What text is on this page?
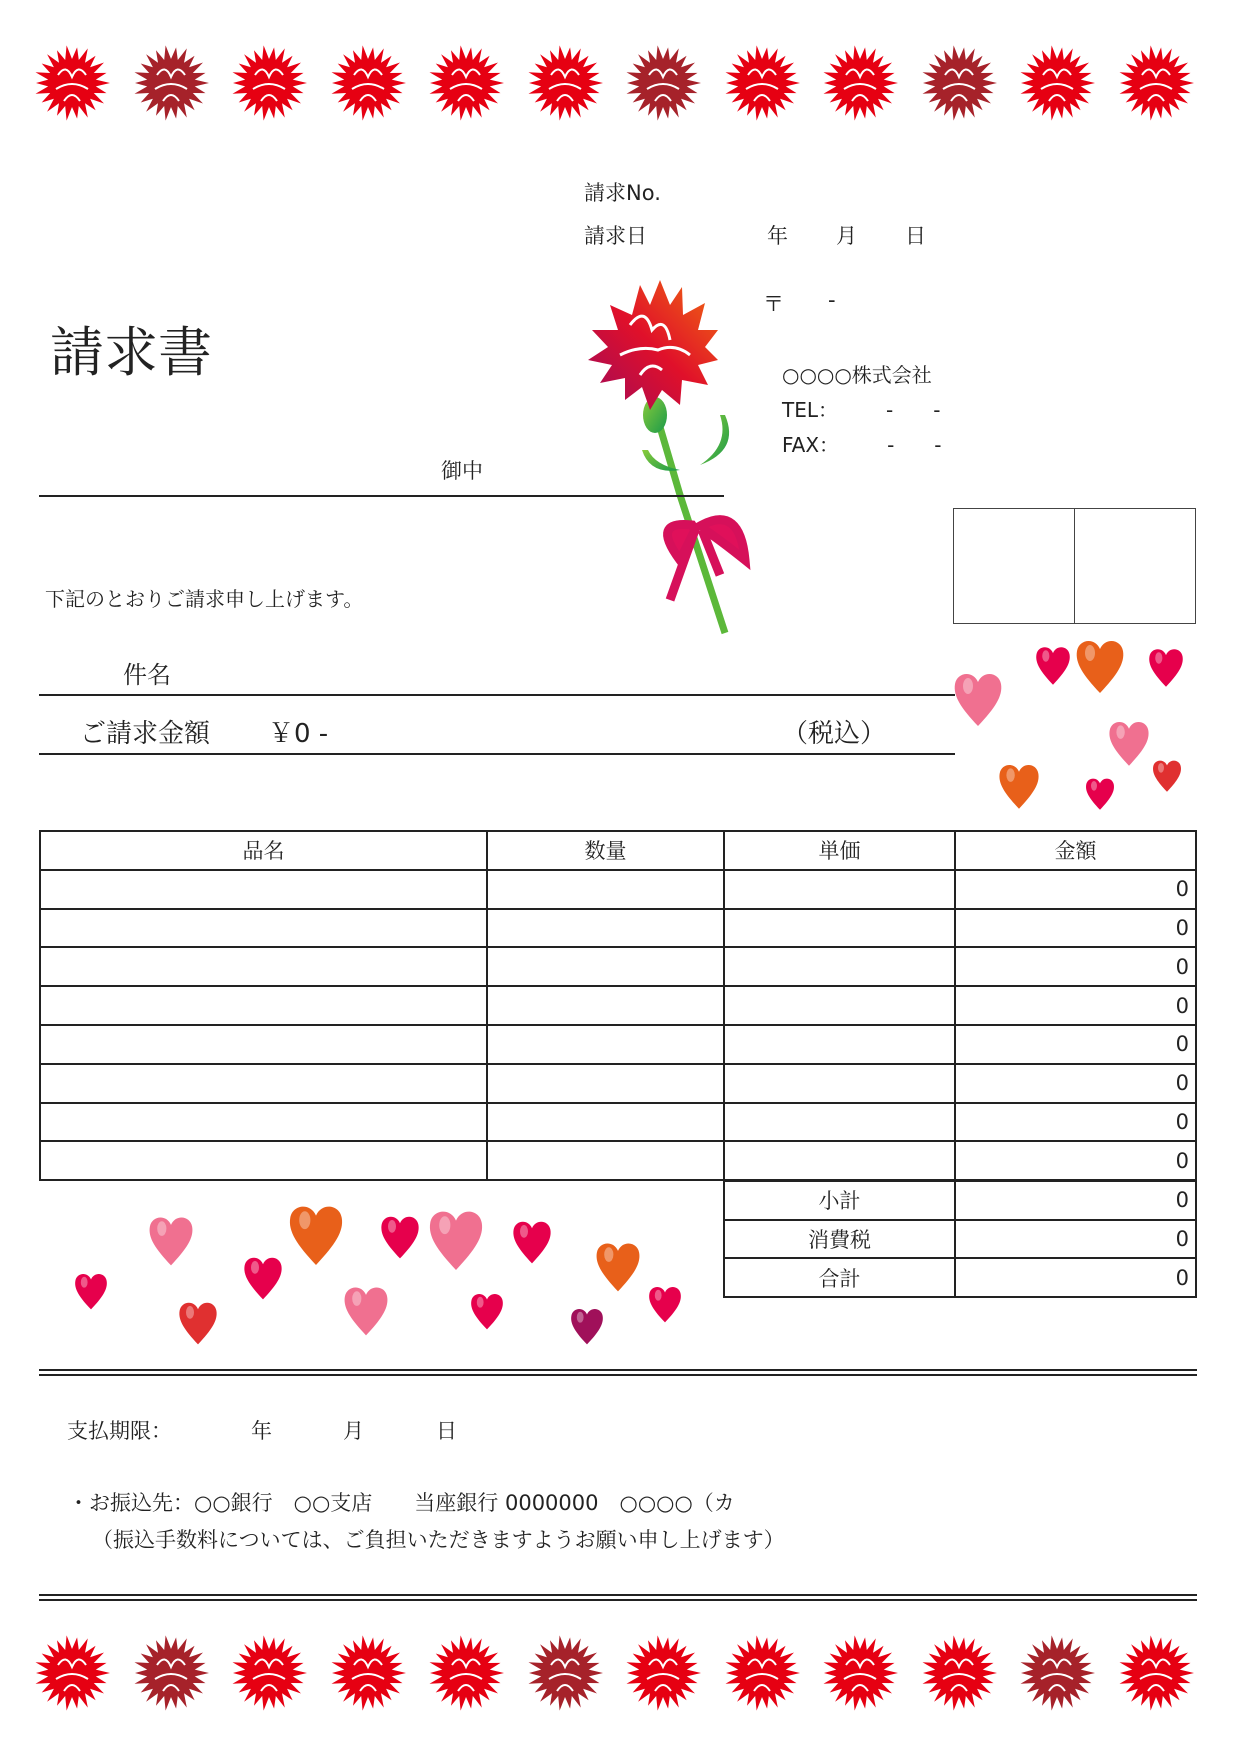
請求No.
請求日	年 月 日
〒 -
請求書	○○○○株式会社
TEL： -　　-
FAX： -　　-
御中
下記のとおりご請求申し上げます。
件名
ご請求金額 ￥0 -	（税込）
品名	数量	単価	金額
			0
			0
			0
			0
			0
			0
			0
			0
小計	0
消費税	0
合計	0
支払期限：	年	月	日
・お振込先：○○銀行　○○支店　　当座銀行 0000000　○○○○（カ
（振込手数料については、ご負担いただきますようお願い申し上げます）
